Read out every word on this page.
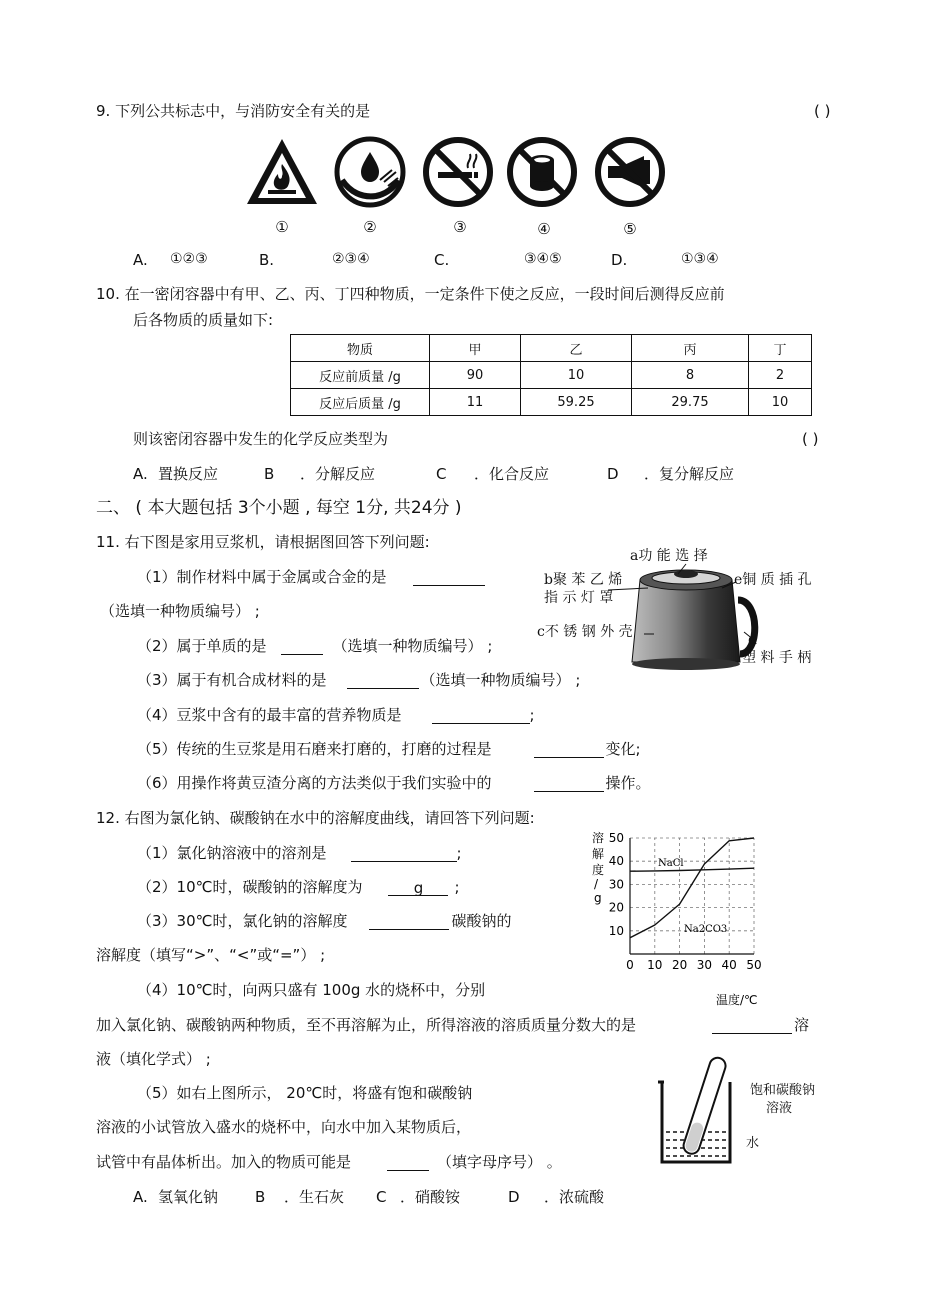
9. 下列公共标志中，与消防安全有关的是	( )
①	②	③	④	⑤
A. ①②③	B.	②③④	C.	③④⑤	D.	①③④
10. 在一密闭容器中有甲、乙、丙、丁四种物质，一定条件下使之反应，一段时间后测得反应前
后各物质的质量如下:
物质	甲	乙	丙	丁
反应前质量 /g	90	10	8	2
反应后质量 /g	11	59.25	29.75	10
则该密闭容器中发生的化学反应类型为	( )
A. 置换反应	B ．分解反应	C ．化合反应	D ．复分解反应
二、 ( 本大题包括 3个小题 , 每空 1分, 共24分 )
11. 右下图是家用豆浆机，请根据图回答下列问题:
（1）制作材料中属于金属或合金的是
（选填一种物质编号） ;
（2）属于单质的是	（选填一种物质编号） ;
（3）属于有机合成材料的是	（选填一种物质编号） ;
（4）豆浆中含有的最丰富的营养物质是	;
（5）传统的生豆浆是用石磨来打磨的，打磨的过程是	变化;
（6）用操作将黄豆渣分离的方法类似于我们实验中的	操作。
a功 能 选 择
b聚 苯 乙 烯
指 示 灯 罩
e铜 质 插 孔
c不 锈 钢 外 壳	d
塑 料 手 柄
12. 右图为氯化钠、碳酸钠在水中的溶解度曲线，请回答下列问题:
（1）氯化钠溶液中的溶剂是	;
（2）10℃时，碳酸钠的溶解度为	g ;
（3）30℃时，氯化钠的溶解度	碳酸钠的
溶解度（填写“>”、“<”或“=”） ;
（4）10℃时，向两只盛有 100g 水的烧杯中，分别
加入氯化钠、碳酸钠两种物质，至不再溶解为止，所得溶液的溶质质量分数大的是	溶
液（填化学式） ;
（5）如右上图所示， 20℃时，将盛有饱和碳酸钠
溶液的小试管放入盛水的烧杯中，向水中加入某物质后，
试管中有晶体析出。加入的物质可能是	（填字母序号） 。
A. 氢氧化钠 B ．生石灰 C ．硝酸铵	D ．浓硫酸
0 10 20 30 40 50
10
20
30
40
50
溶
解
度
/
g
温度/℃
NaCl
Na2CO3
饱和碳酸钠
溶液
水
